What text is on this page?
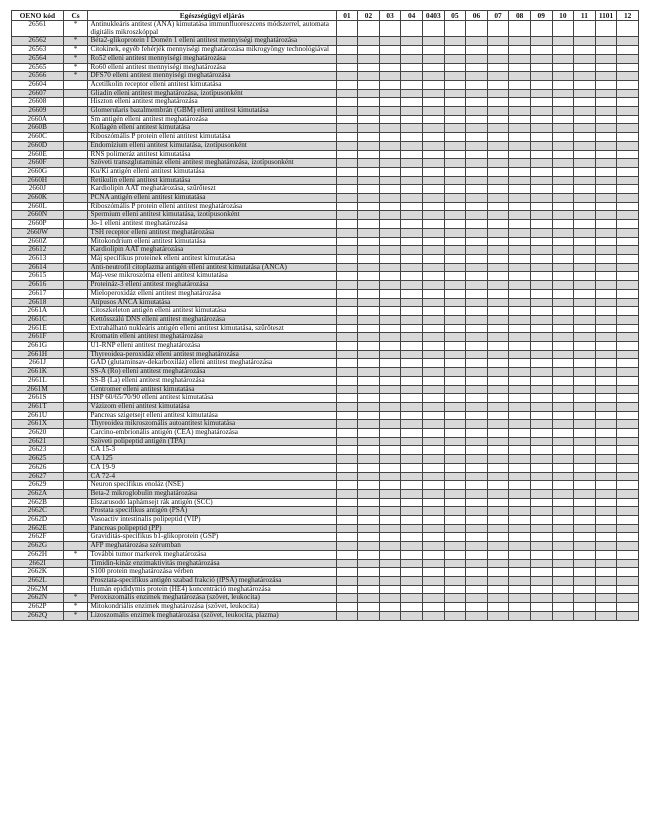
OENO kód	Cs	Egészségügyi eljárás	01	02	03	04	0403	05	06	07	08	09	10	11	1101	12
26561	*	Antinukleáris antitest (ANA) kimutatása immunfluoreszcens módszerrel, automata digitális mikroszkóppal														
26562	*	Béta2-glikoprotein I Domén 1 elleni antitest mennyiségi meghatározása														
26563	*	Citokinek, egyéb fehérjék mennyiségi meghatározása mikrogyöngy technológiával														
26564	*	Ro52 elleni antitest mennyiségi meghatározása														
26565	*	Ro60 elleni antitest mennyiségi meghatározása														
26566	*	DFS70 elleni antitest mennyiségi meghatározása														
26604		Acetilkolin receptor elleni antitest kimutatása														
26607		Gliadin elleni antitest meghatározása, izotípusonként														
26608		Hiszton elleni antitest meghatározása														
26609		Glomerularis bazalmembrán (GBM) elleni antitest kimutatása														
2660A		Sm antigén elleni antitest meghatározása														
2660B		Kollagén elleni antitest kimutatása														
2660C		Riboszómális P protein elleni antitest kimutatása														
2660D		Endomízium elleni antitest kimutatása, izotípusonként														
2660E		RNS polimeráz antitest kimutatása														
2660F		Szöveti transzglutamináz elleni antitest meghatározása, izotípusonként														
2660G		Ku/Ki antigén elleni antitest kimutatása														
2660H		Retikulin elleni antitest kimutatása														
2660J		Kardiolipin AAT meghatározása, szűrőteszt														
2660K		PCNA antigén elleni antitest kimutatása														
2660L		Riboszómális P protein elleni antitest meghatározása														
2660N		Spermium elleni antitest kimutatása, izotípusonként														
2660P		Jo-1 elleni antitest meghatározása														
2660W		TSH receptor elleni antitest meghatározása														
2660Z		Mitokondrium elleni antitest kimutatása														
26612		Kardiolipin AAT meghatározása														
26613		Máj specifikus proteinek elleni antitest kimutatása														
26614		Anti-neutrofil citoplazma antigén elleni antitest kimutatása (ANCA)														
26615		Máj-vese mikroszóma elleni antitest kimutatása														
26616		Proteináz-3 elleni antitest meghatározása														
26617		Mieloperoxidáz elleni antitest meghatározása														
26618		Atípusos ANCA kimutatása														
2661A		Citoszkeleton antigén elleni antitest kimutatása														
2661C		Kettősszálú DNS elleni antitest meghatározása														
2661E		Extrahálható nukleáris antigén elleni antitest kimutatása, szűrőteszt														
2661F		Kromatin elleni antitest meghatározása														
2661G		U1-RNP elleni antitest meghatározása														
2661H		Thyreoidea-peroxidáz elleni antitest meghatározása														
2661J		GAD (glutaminsav-dekarboxiláz) elleni antitest meghatározása														
2661K		SS-A (Ro) elleni antitest meghatározása														
2661L		SS-B (La) elleni antitest meghatározása														
2661M		Centromer elleni antitest kimutatása														
2661S		HSP 60/65/70/90 elleni antitest kimutatása														
2661T		Vázizom elleni antitest kimutatása														
2661U		Pancreas szigetsejt elleni antitest kimutatása														
2661X		Thyreoidea mikroszomális autoantitest kimutatása														
26620		Carcino-embrionális antigén (CEA) meghatározása														
26621		Szöveti polipeptid antigén (TPA)														
26623		CA 15-3														
26625		CA 125														
26626		CA 19-9														
26627		CA 72-4														
26629		Neuron specifikus enoláz (NSE)														
2662A		Beta-2 mikroglobulin meghatározása														
2662B		Elszarusodó laphámsejt rák antigén (SCC)														
2662C		Prostata specifikus antigén (PSA)														
2662D		Vasoactiv intestinalis polipeptid (VIP)														
2662E		Pancreas polipeptid (PP)														
2662F		Graviditás-specifikus b1-glikoprotein (GSP)														
2662G		AFP meghatározása szérumban														
2662H	*	További tumor markerek meghatározása														
2662I		Timidin-kináz enzimaktivitás meghatározása														
2662K		S100 protein meghatározása vérben														
2662L		Prosztata-specifikus antigén szabad frakció (fPSA) meghatározása														
2662M		Humán epididymis protein (HE4) koncentráció meghatározása														
2662N	*	Peroxiszomális enzimek meghatározása (szövet, leukocita)														
2662P	*	Mitokondriális enzimek meghatározása (szövet, leukocita)														
2662Q	*	Lizoszomális enzimek meghatározása (szövet, leukocita, plazma)														
